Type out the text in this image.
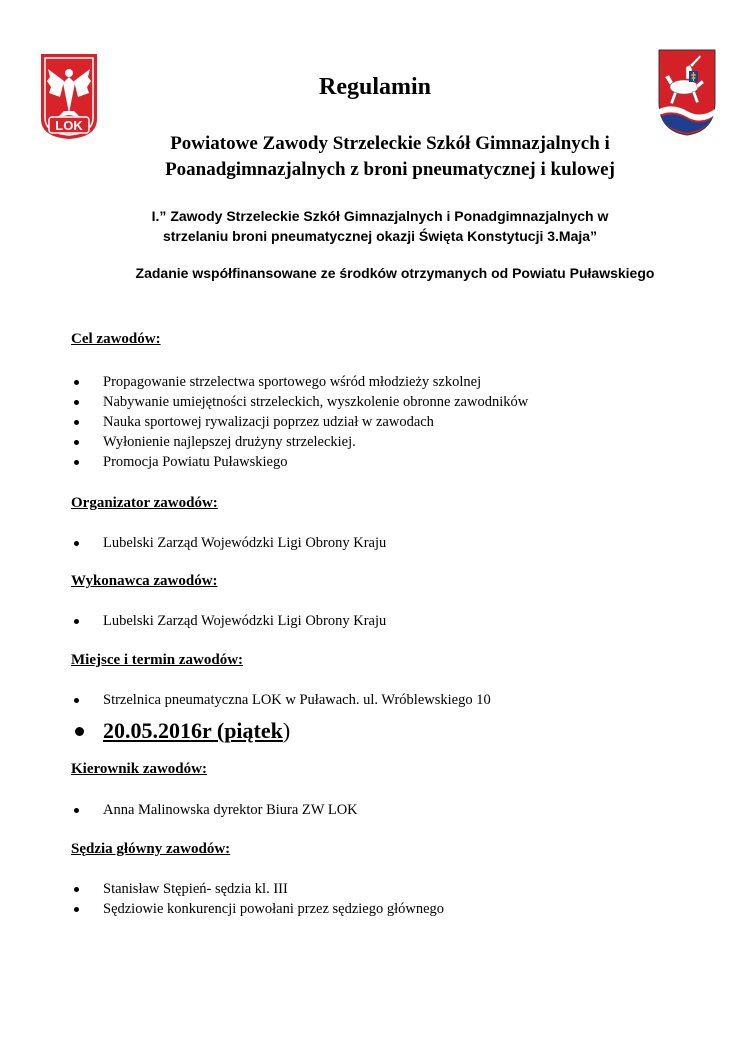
LOK
Regulamin
Powiatowe Zawody Strzeleckie Szkół Gimnazjalnych i
Poanadgimnazjalnych z broni pneumatycznej i kulowej
I.” Zawody Strzeleckie Szkół Gimnazjalnych i Ponadgimnazjalnych w
strzelaniu broni pneumatycznej okazji Święta Konstytucji 3.Maja”
Zadanie współfinansowane ze środków otrzymanych od Powiatu Puławskiego
Cel zawodów:
Propagowanie strzelectwa sportowego wśród młodzieży szkolnej
Nabywanie umiejętności strzeleckich, wyszkolenie obronne zawodników
Nauka sportowej rywalizacji poprzez udział w zawodach
Wyłonienie najlepszej drużyny strzeleckiej.
Promocja Powiatu Puławskiego
Organizator zawodów:
Lubelski Zarząd Wojewódzki Ligi Obrony Kraju
Wykonawca zawodów:
Lubelski Zarząd Wojewódzki Ligi Obrony Kraju
Miejsce i termin zawodów:
Strzelnica pneumatyczna LOK w Puławach. ul. Wróblewskiego 10
20.05.2016r (piątek)
Kierownik zawodów:
Anna Malinowska dyrektor Biura ZW LOK
Sędzia główny zawodów:
Stanisław Stępień- sędzia kl. III
Sędziowie konkurencji powołani przez sędziego głównego
